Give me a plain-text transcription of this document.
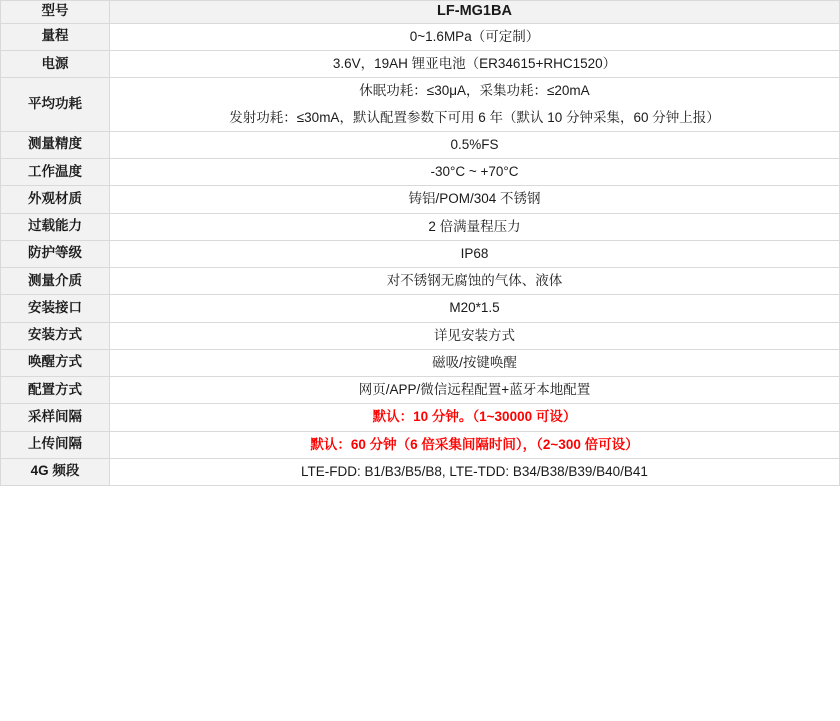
型号	LF-MG1BA
量程	0~1.6MPa（可定制）

电源	3.6V，19AH 锂亚电池（ER34615+RHC1520）

平均功耗	休眠功耗：≤30μA，采集功耗：≤20mA
发射功耗：≤30mA，默认配置参数下可用 6 年（默认 10 分钟采集，60 分钟上报）

测量精度	0.5%FS

工作温度	-30°C ~ +70°C

外观材质	铸铝/POM/304 不锈钢

过载能力	2 倍满量程压力

防护等级	IP68

测量介质	对不锈钢无腐蚀的气体、液体

安装接口	M20*1.5

安装方式	详见安装方式

唤醒方式	磁吸/按键唤醒

配置方式	网页/APP/微信远程配置+蓝牙本地配置

采样间隔	默认：10 分钟。（1~30000 可设）

上传间隔	默认：60 分钟（6 倍采集间隔时间），（2~300 倍可设）

4G 频段	LTE-FDD: B1/B3/B5/B8, LTE-TDD: B34/B38/B39/B40/B41
